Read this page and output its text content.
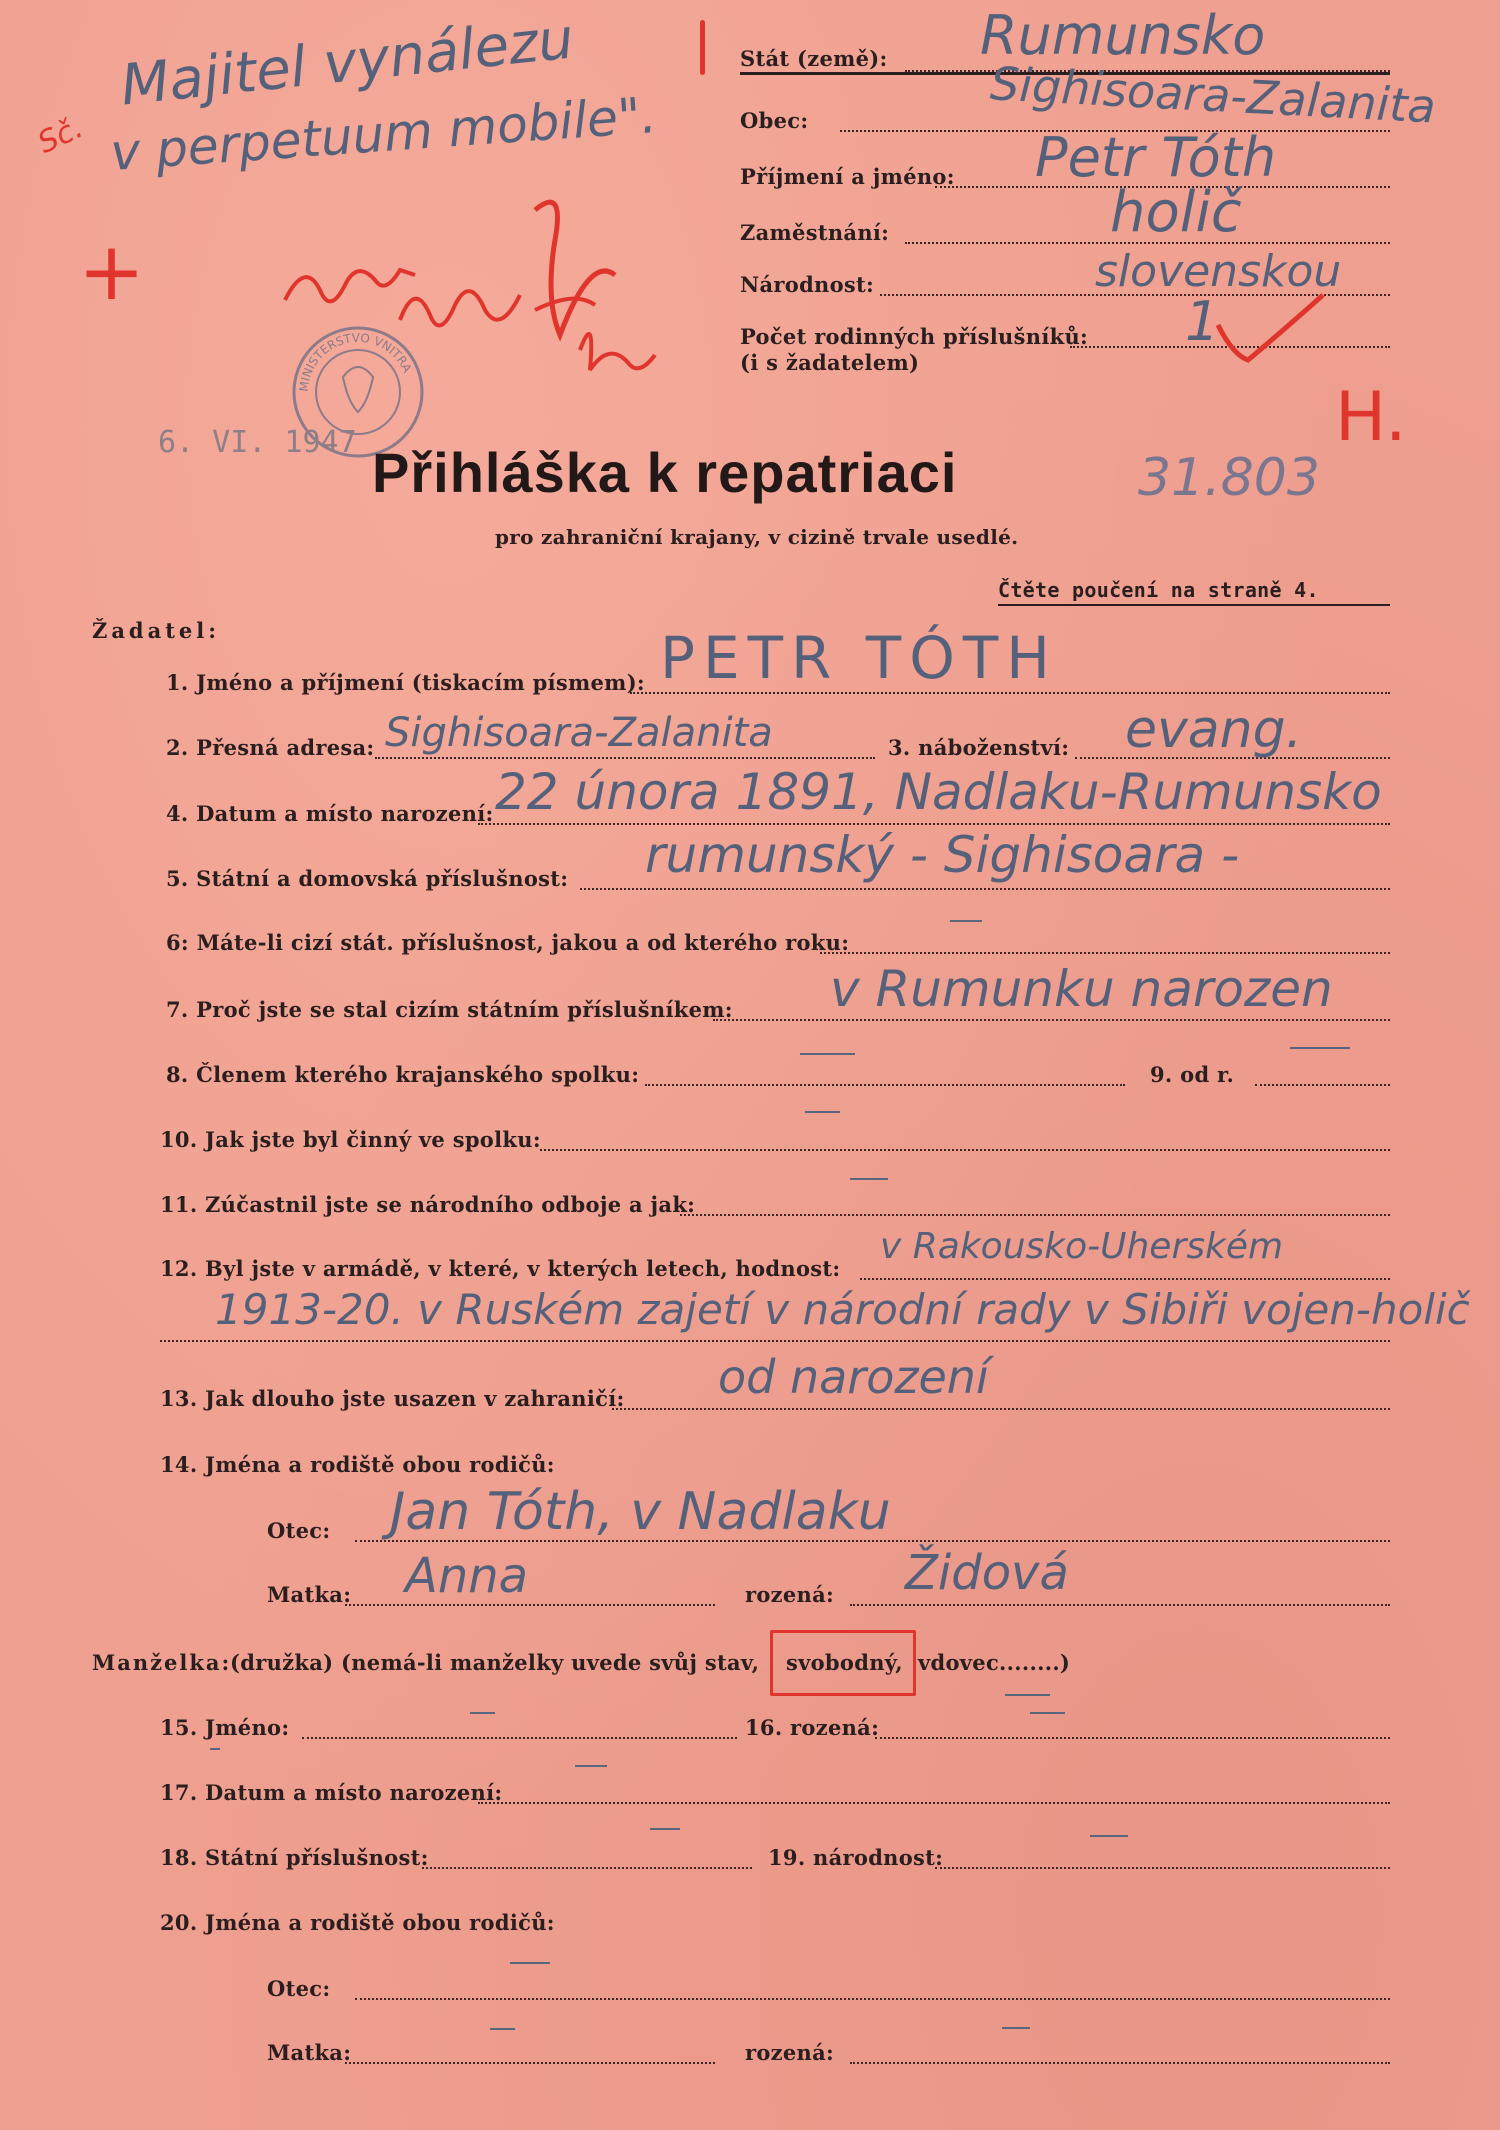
Majitel vynálezu
v perpetuum mobile".
Sč.
+
MINISTERSTVO VNITRA
6. VI. 1947
Stát (země): Rumunsko
Obec:	Sighisoara-Zalanita
Příjmení a jméno: Petr Tóth
Zaměstnání:	holič
Národnost:	slovenskou
Počet rodinných příslušníků:
(i s žadatelem)
1
H.
Přihláška k repatriaci	31.803
pro zahraniční krajany, v cizině trvale usedlé.
Čtěte poučení na straně 4.
Žadatel:
1. Jméno a příjmení (tiskacím písmem): PETR TÓTH
2. Přesná adresa: Sighisoara-Zalanita	3. náboženství: evang.
4. Datum a místo narození: 22 února 1891, Nadlaku-Rumunsko
5. Státní a domovská příslušnost: rumunský - Sighisoara -
6: Máte-li cizí stát. příslušnost, jakou a od kterého roku:
7. Proč jste se stal cizím státním příslušníkem: v Rumunku narozen
8. Členem kterého krajanského spolku:	9. od r.
10. Jak jste byl činný ve spolku:
11. Zúčastnil jste se národního odboje a jak:
12. Byl jste v armádě, v které, v kterých letech, hodnost:
v Rakousko-Uherském
1913-20. v Ruském zajetí v národní rady v Sibiři vojen-holič
13. Jak dlouho jste usazen v zahraničí: od narození
14. Jména a rodiště obou rodičů:
Otec: Jan Tóth, v Nadlaku
Matka: Anna	rozená: Židová
Manželka:
(družka) (nemá-li manželky uvede svůj stav, svobodný, vdovec........)
15. Jméno:	16. rozená:
17. Datum a místo narození:
18. Státní příslušnost:	19. národnost:
20. Jména a rodiště obou rodičů:
Otec:
Matka:	rozená:
